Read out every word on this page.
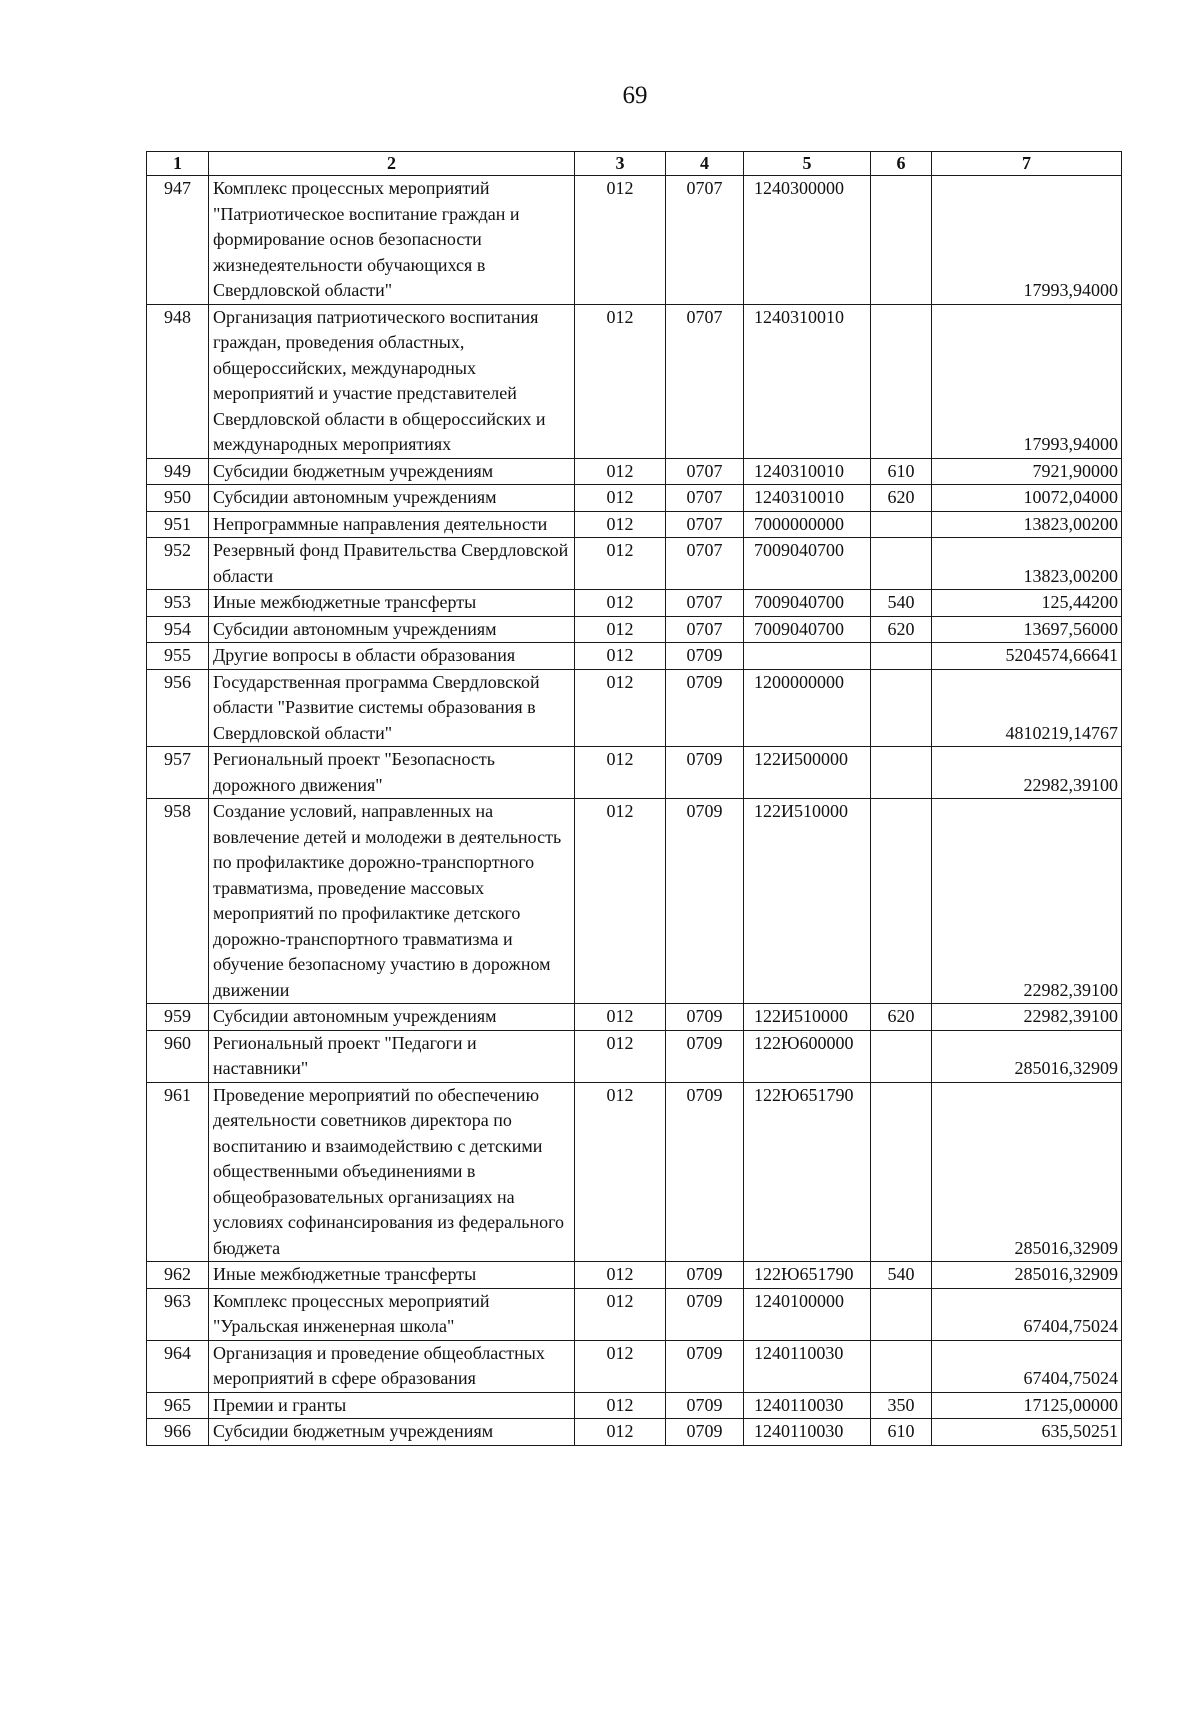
69
1	2	3	4	5	6	7
947	Комплекс процессных мероприятий "Патриотическое воспитание граждан и формирование основ безопасности жизнедеятельности обучающихся в Свердловской области"	012	0707	1240300000		17993,94000
948	Организация патриотического воспитания граждан, проведения областных, общероссийских, международных мероприятий и участие представителей Свердловской области в общероссийских и международных мероприятиях	012	0707	1240310010		17993,94000
949	Субсидии бюджетным учреждениям	012	0707	1240310010	610	7921,90000
950	Субсидии автономным учреждениям	012	0707	1240310010	620	10072,04000
951	Непрограммные направления деятельности	012	0707	7000000000		13823,00200
952	Резервный фонд Правительства Свердловской области	012	0707	7009040700		13823,00200
953	Иные межбюджетные трансферты	012	0707	7009040700	540	125,44200
954	Субсидии автономным учреждениям	012	0707	7009040700	620	13697,56000
955	Другие вопросы в области образования	012	0709			5204574,66641
956	Государственная программа Свердловской области "Развитие системы образования в Свердловской области"	012	0709	1200000000		4810219,14767
957	Региональный проект "Безопасность дорожного движения"	012	0709	122И500000		22982,39100
958	Создание условий, направленных на вовлечение детей и молодежи в деятельность по профилактике дорожно-транспортного травматизма, проведение массовых мероприятий по профилактике детского дорожно-транспортного травматизма и обучение безопасному участию в дорожном движении	012	0709	122И510000		22982,39100
959	Субсидии автономным учреждениям	012	0709	122И510000	620	22982,39100
960	Региональный проект "Педагоги и наставники"	012	0709	122Ю600000		285016,32909
961	Проведение мероприятий по обеспечению деятельности советников директора по воспитанию и взаимодействию с детскими общественными объединениями в общеобразовательных организациях на условиях софинансирования из федерального бюджета	012	0709	122Ю651790		285016,32909
962	Иные межбюджетные трансферты	012	0709	122Ю651790	540	285016,32909
963	Комплекс процессных мероприятий "Уральская инженерная школа"	012	0709	1240100000		67404,75024
964	Организация и проведение общеобластных мероприятий в сфере образования	012	0709	1240110030		67404,75024
965	Премии и гранты	012	0709	1240110030	350	17125,00000
966	Субсидии бюджетным учреждениям	012	0709	1240110030	610	635,50251
